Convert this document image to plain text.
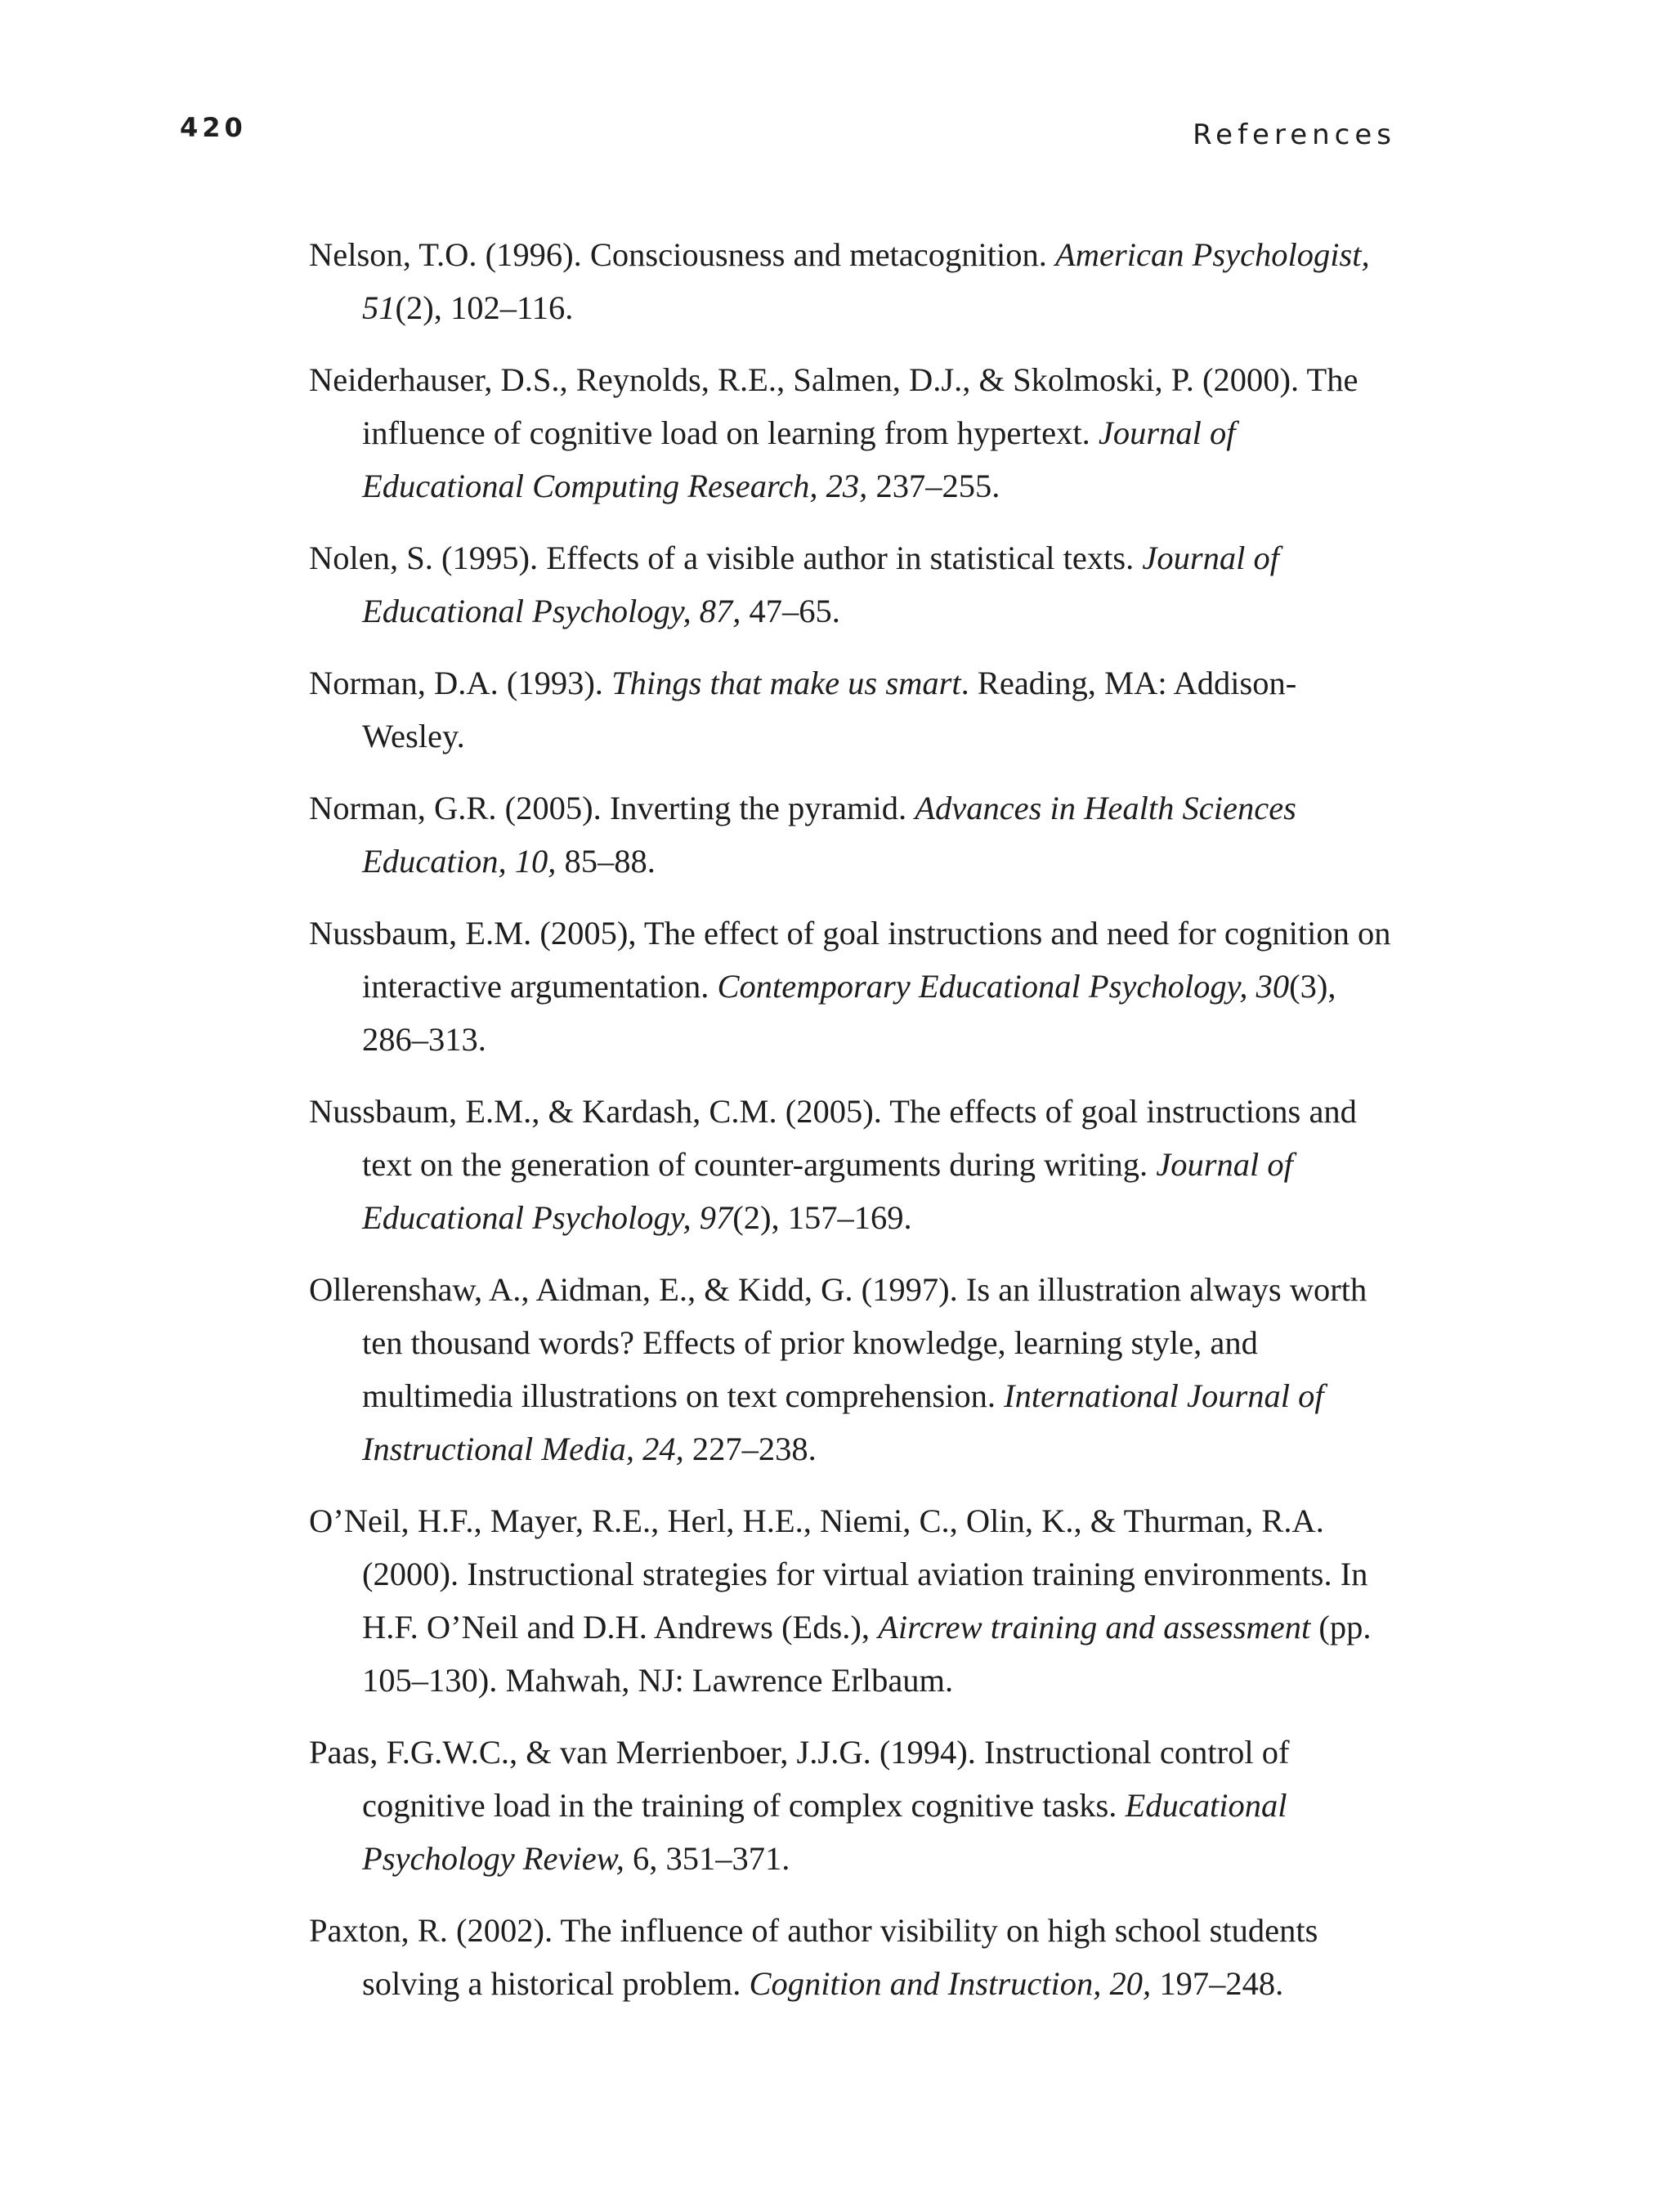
420	References
Nelson, T.O. (1996). Consciousness and metacognition. American Psychologist, 51(2), 102–116.
Neiderhauser, D.S., Reynolds, R.E., Salmen, D.J., & Skolmoski, P. (2000). The influence of cognitive load on learning from hypertext. Journal of Educational Computing Research, 23, 237–255.
Nolen, S. (1995). Effects of a visible author in statistical texts. Journal of Educational Psychology, 87, 47–65.
Norman, D.A. (1993). Things that make us smart. Reading, MA: Addison-Wesley.
Norman, G.R. (2005). Inverting the pyramid. Advances in Health Sciences Education, 10, 85–88.
Nussbaum, E.M. (2005), The effect of goal instructions and need for cognition on interactive argumentation. Contemporary Educational Psychology, 30(3), 286–313.
Nussbaum, E.M., & Kardash, C.M. (2005). The effects of goal instructions and text on the generation of counter-arguments during writing. Journal of Educational Psychology, 97(2), 157–169.
Ollerenshaw, A., Aidman, E., & Kidd, G. (1997). Is an illustration always worth ten thousand words? Effects of prior knowledge, learning style, and multimedia illustrations on text comprehension. International Journal of Instructional Media, 24, 227–238.
O’Neil, H.F., Mayer, R.E., Herl, H.E., Niemi, C., Olin, K., & Thurman, R.A. (2000). Instructional strategies for virtual aviation training environments. In H.F. O’Neil and D.H. Andrews (Eds.), Aircrew training and assessment (pp. 105–130). Mahwah, NJ: Lawrence Erlbaum.
Paas, F.G.W.C., & van Merrienboer, J.J.G. (1994). Instructional control of cognitive load in the training of complex cognitive tasks. Educational Psychology Review, 6, 351–371.
Paxton, R. (2002). The influence of author visibility on high school students solving a historical problem. Cognition and Instruction, 20, 197–248.
